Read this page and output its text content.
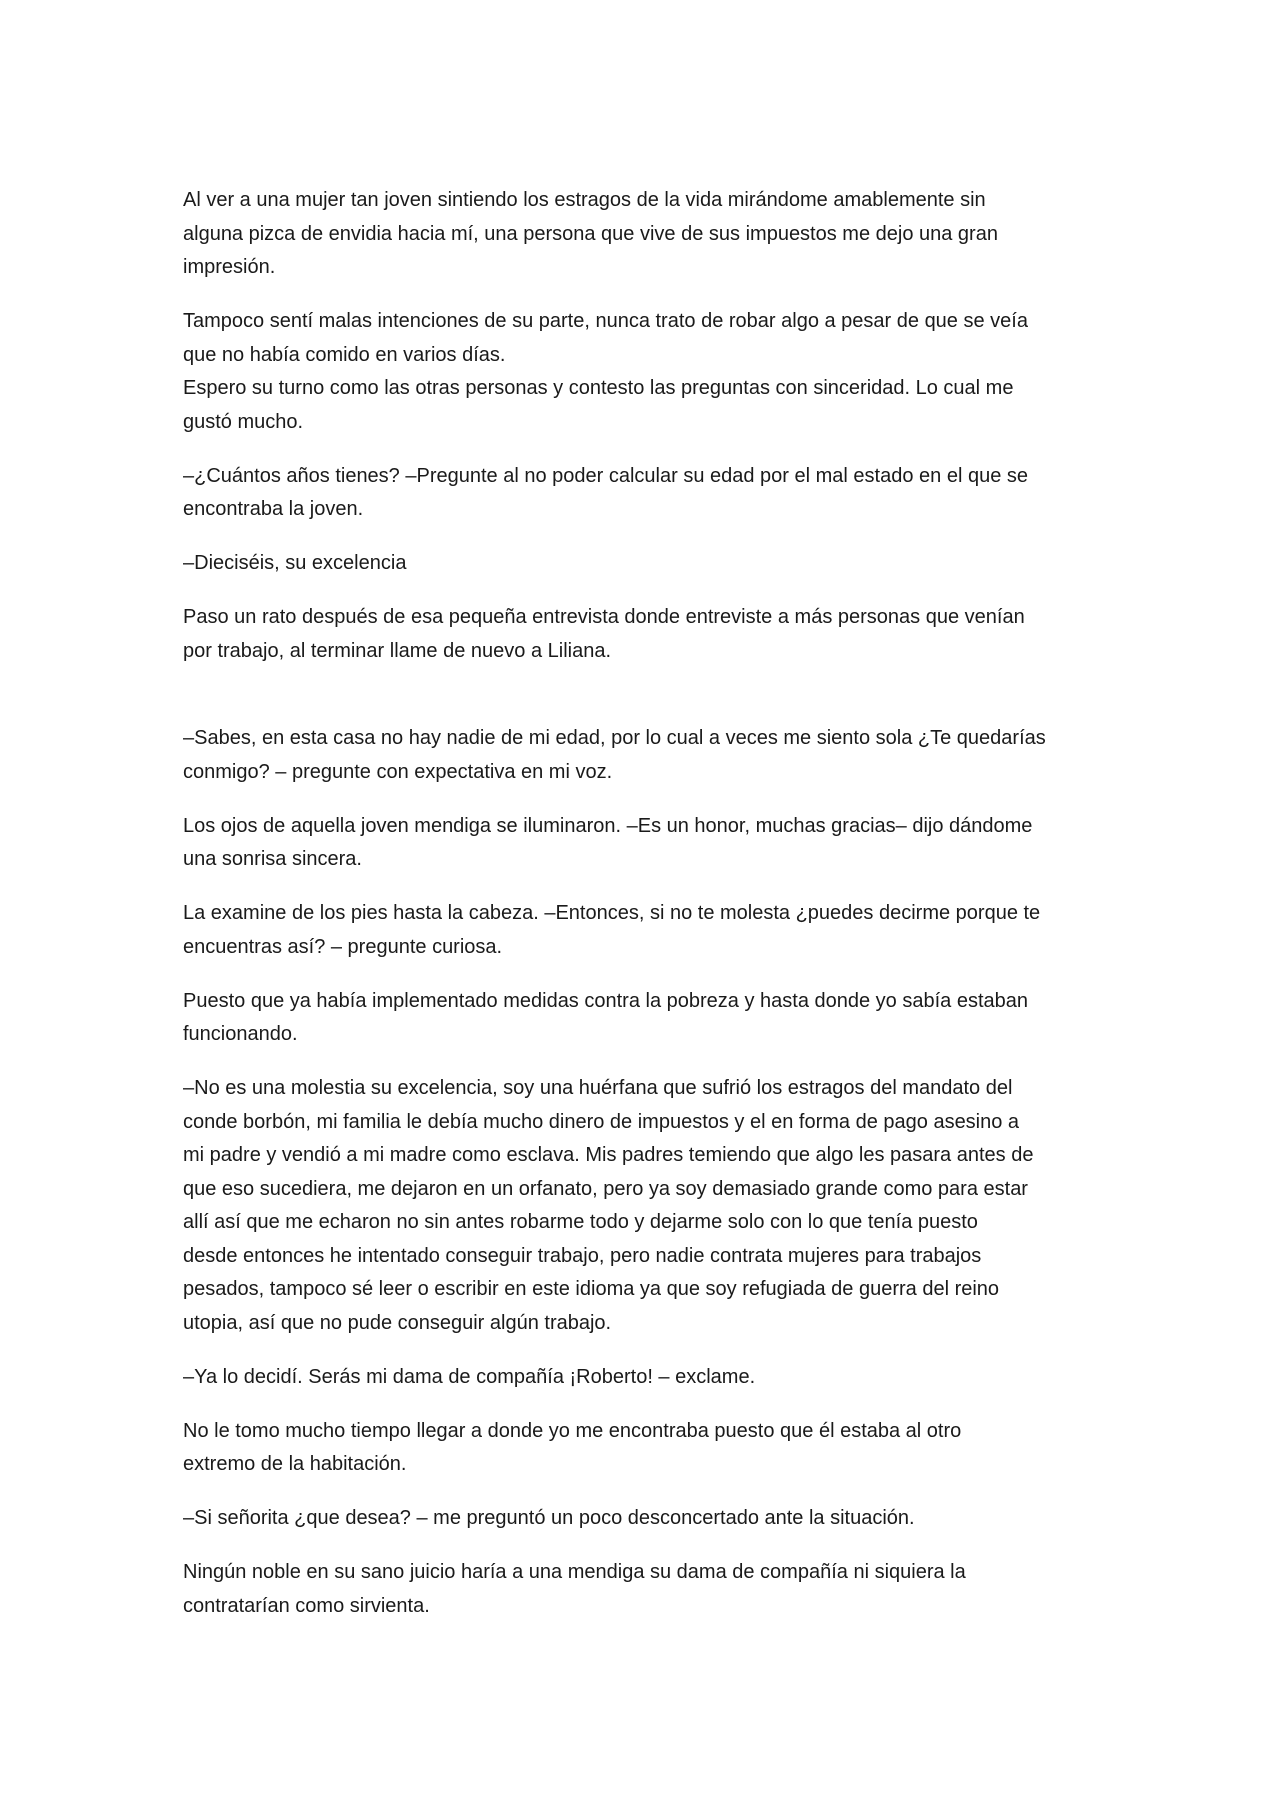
Al ver a una mujer tan joven sintiendo los estragos de la vida mirándome amablemente sin
alguna pizca de envidia hacia mí, una persona que vive de sus impuestos me dejo una gran
impresión.

Tampoco sentí malas intenciones de su parte, nunca trato de robar algo a pesar de que se veía
que no había comido en varios días.
Espero su turno como las otras personas y contesto las preguntas con sinceridad. Lo cual me
gustó mucho.

–¿Cuántos años tienes? –Pregunte al no poder calcular su edad por el mal estado en el que se
encontraba la joven.

–Dieciséis, su excelencia

Paso un rato después de esa pequeña entrevista donde entreviste a más personas que venían
por trabajo, al terminar llame de nuevo a Liliana.

–Sabes, en esta casa no hay nadie de mi edad, por lo cual a veces me siento sola ¿Te quedarías
conmigo? – pregunte con expectativa en mi voz.

Los ojos de aquella joven mendiga se iluminaron. –Es un honor, muchas gracias– dijo dándome
una sonrisa sincera.

La examine de los pies hasta la cabeza. –Entonces, si no te molesta ¿puedes decirme porque te
encuentras así? – pregunte curiosa.

Puesto que ya había implementado medidas contra la pobreza y hasta donde yo sabía estaban
funcionando.

–No es una molestia su excelencia, soy una huérfana que sufrió los estragos del mandato del
conde borbón, mi familia le debía mucho dinero de impuestos y el en forma de pago asesino a
mi padre y vendió a mi madre como esclava. Mis padres temiendo que algo les pasara antes de
que eso sucediera, me dejaron en un orfanato, pero ya soy demasiado grande como para estar
allí así que me echaron no sin antes robarme todo y dejarme solo con lo que tenía puesto
desde entonces he intentado conseguir trabajo, pero nadie contrata mujeres para trabajos
pesados, tampoco sé leer o escribir en este idioma ya que soy refugiada de guerra del reino
utopia, así que no pude conseguir algún trabajo.

–Ya lo decidí. Serás mi dama de compañía ¡Roberto! – exclame.

No le tomo mucho tiempo llegar a donde yo me encontraba puesto que él estaba al otro
extremo de la habitación.

–Si señorita ¿que desea? – me preguntó un poco desconcertado ante la situación.

Ningún noble en su sano juicio haría a una mendiga su dama de compañía ni siquiera la
contratarían como sirvienta.
